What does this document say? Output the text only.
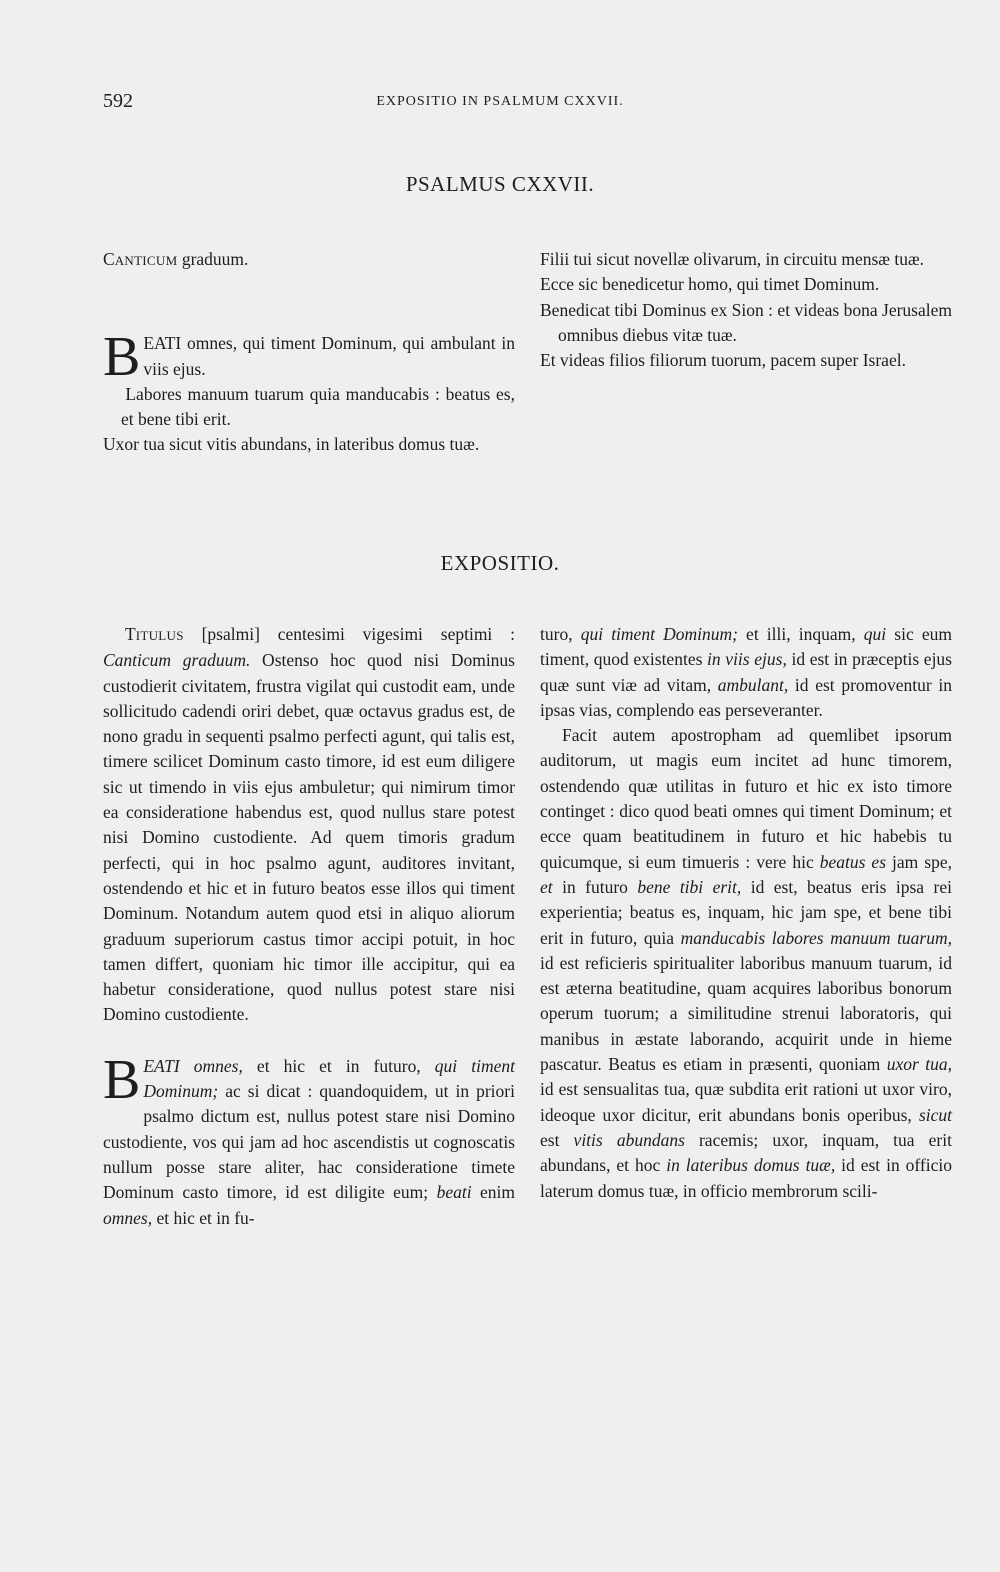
592	EXPOSITIO IN PSALMUM CXXVII.
PSALMUS CXXVII.

CANTICUM graduum.

B EATI omnes, qui timent Dominum, qui ambulant in viis ejus.

Labores manuum tuarum quia manducabis : beatus es, et bene tibi erit.

Uxor tua sicut vitis abundans, in lateribus domus tuæ.

Filii tui sicut novellæ olivarum, in circuitu mensæ tuæ.

Ecce sic benedicetur homo, qui timet Dominum.

Benedicat tibi Dominus ex Sion : et videas bona Jerusalem omnibus diebus vitæ tuæ.

Et videas filios filiorum tuorum, pacem super Israel.

EXPOSITIO.

TITULUS [psalmi] centesimi vigesimi septimi : Canticum graduum. Ostenso hoc quod nisi Dominus custodierit civitatem, frustra vigilat qui custodit eam, unde sollicitudo cadendi oriri debet, quæ octavus gradus est, de nono gradu in sequenti psalmo perfecti agunt, qui talis est, timere scilicet Dominum casto timore, id est eum diligere sic ut timendo in viis ejus ambuletur; qui nimirum timor ea consideratione habendus est, quod nullus stare potest nisi Domino custodiente. Ad quem timoris gradum perfecti, qui in hoc psalmo agunt, auditores invitant, ostendendo et hic et in futuro beatos esse illos qui timent Dominum. Notandum autem quod etsi in aliquo aliorum graduum superiorum castus timor accipi potuit, in hoc tamen differt, quoniam hic timor ille accipitur, qui ea habetur consideratione, quod nullus potest stare nisi Domino custodiente.

B EATI omnes, et hic et in futuro, qui timent Dominum; ac si dicat : quandoquidem, ut in priori psalmo dictum est, nullus potest stare nisi Domino custodiente, vos qui jam ad hoc ascendistis ut cognoscatis nullum posse stare aliter, hac consideratione timete Dominum casto timore, id est diligite eum; beati enim omnes, et hic et in fu-

turo, qui timent Dominum; et illi, inquam, qui sic eum timent, quod existentes in viis ejus, id est in præceptis ejus quæ sunt viæ ad vitam, ambulant, id est promoventur in ipsas vias, complendo eas perseveranter.

Facit autem apostropham ad quemlibet ipsorum auditorum, ut magis eum incitet ad hunc timorem, ostendendo quæ utilitas in futuro et hic ex isto timore continget : dico quod beati omnes qui timent Dominum; et ecce quam beatitudinem in futuro et hic habebis tu quicumque, si eum timueris : vere hic beatus es jam spe, et in futuro bene tibi erit, id est, beatus eris ipsa rei experientia; beatus es, inquam, hic jam spe, et bene tibi erit in futuro, quia manducabis labores manuum tuarum, id est reficieris spiritualiter laboribus manuum tuarum, id est æterna beatitudine, quam acquires laboribus bonorum operum tuorum; a similitudine strenui laboratoris, qui manibus in æstate laborando, acquirit unde in hieme pascatur. Beatus es etiam in præsenti, quoniam uxor tua, id est sensualitas tua, quæ subdita erit rationi ut uxor viro, ideoque uxor dicitur, erit abundans bonis operibus, sicut est vitis abundans racemis; uxor, inquam, tua erit abundans, et hoc in lateribus domus tuæ, id est in officio laterum domus tuæ, in officio membrorum scili-
